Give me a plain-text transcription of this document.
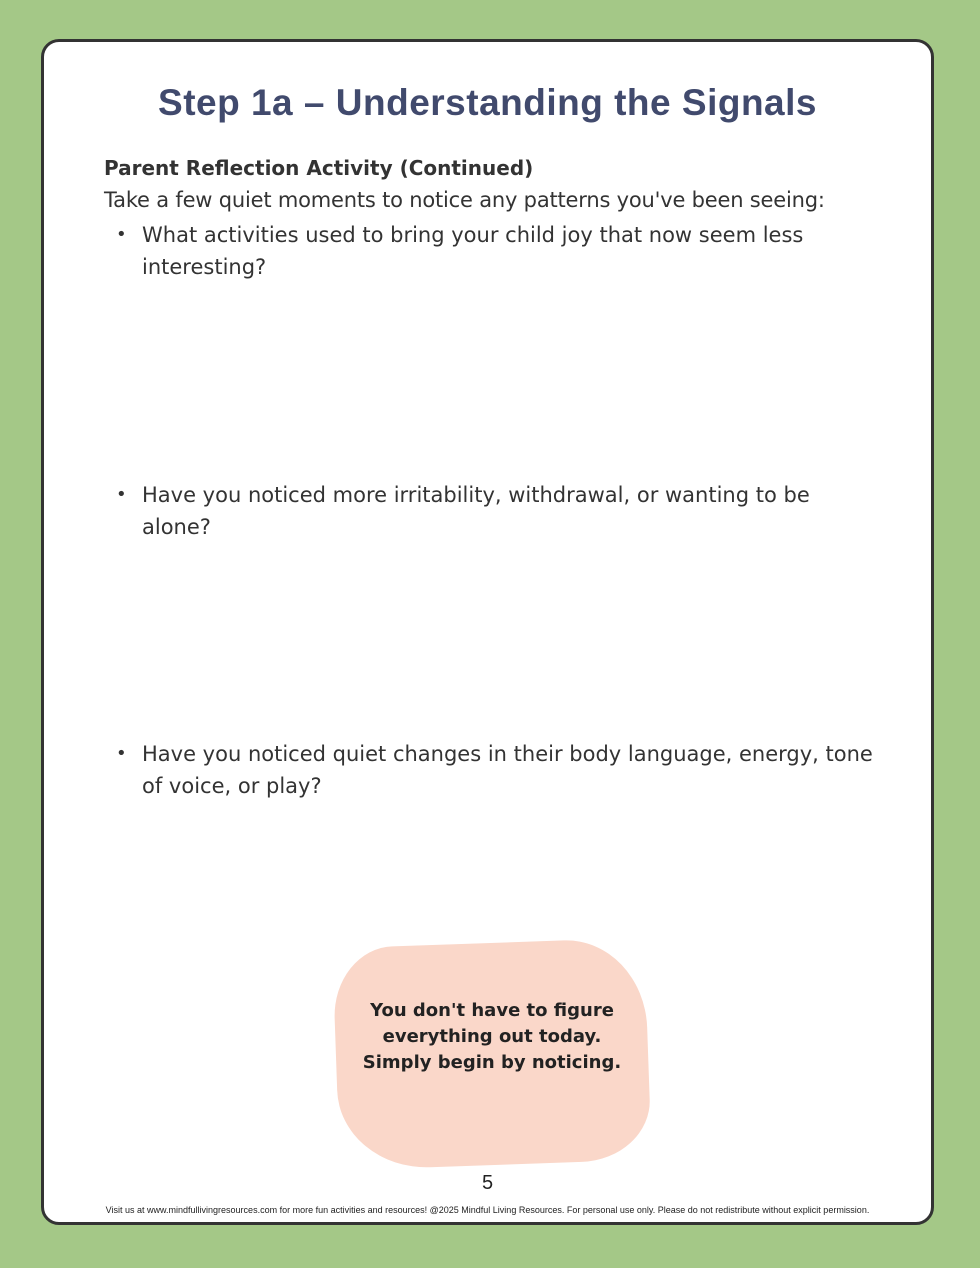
Step 1a – Understanding the Signals
Parent Reflection Activity (Continued)

Take a few quiet moments to notice any patterns you've been seeing:

• What activities used to bring your child joy that now seem less interesting?
• Have you noticed more irritability, withdrawal, or wanting to be alone?
• Have you noticed quiet changes in their body language, energy, tone of voice, or play?
You don't have to figure everything out today. Simply begin by noticing.
5
Visit us at www.mindfullivingresources.com for more fun activities and resources! @2025 Mindful Living Resources. For personal use only. Please do not redistribute without explicit permission.
